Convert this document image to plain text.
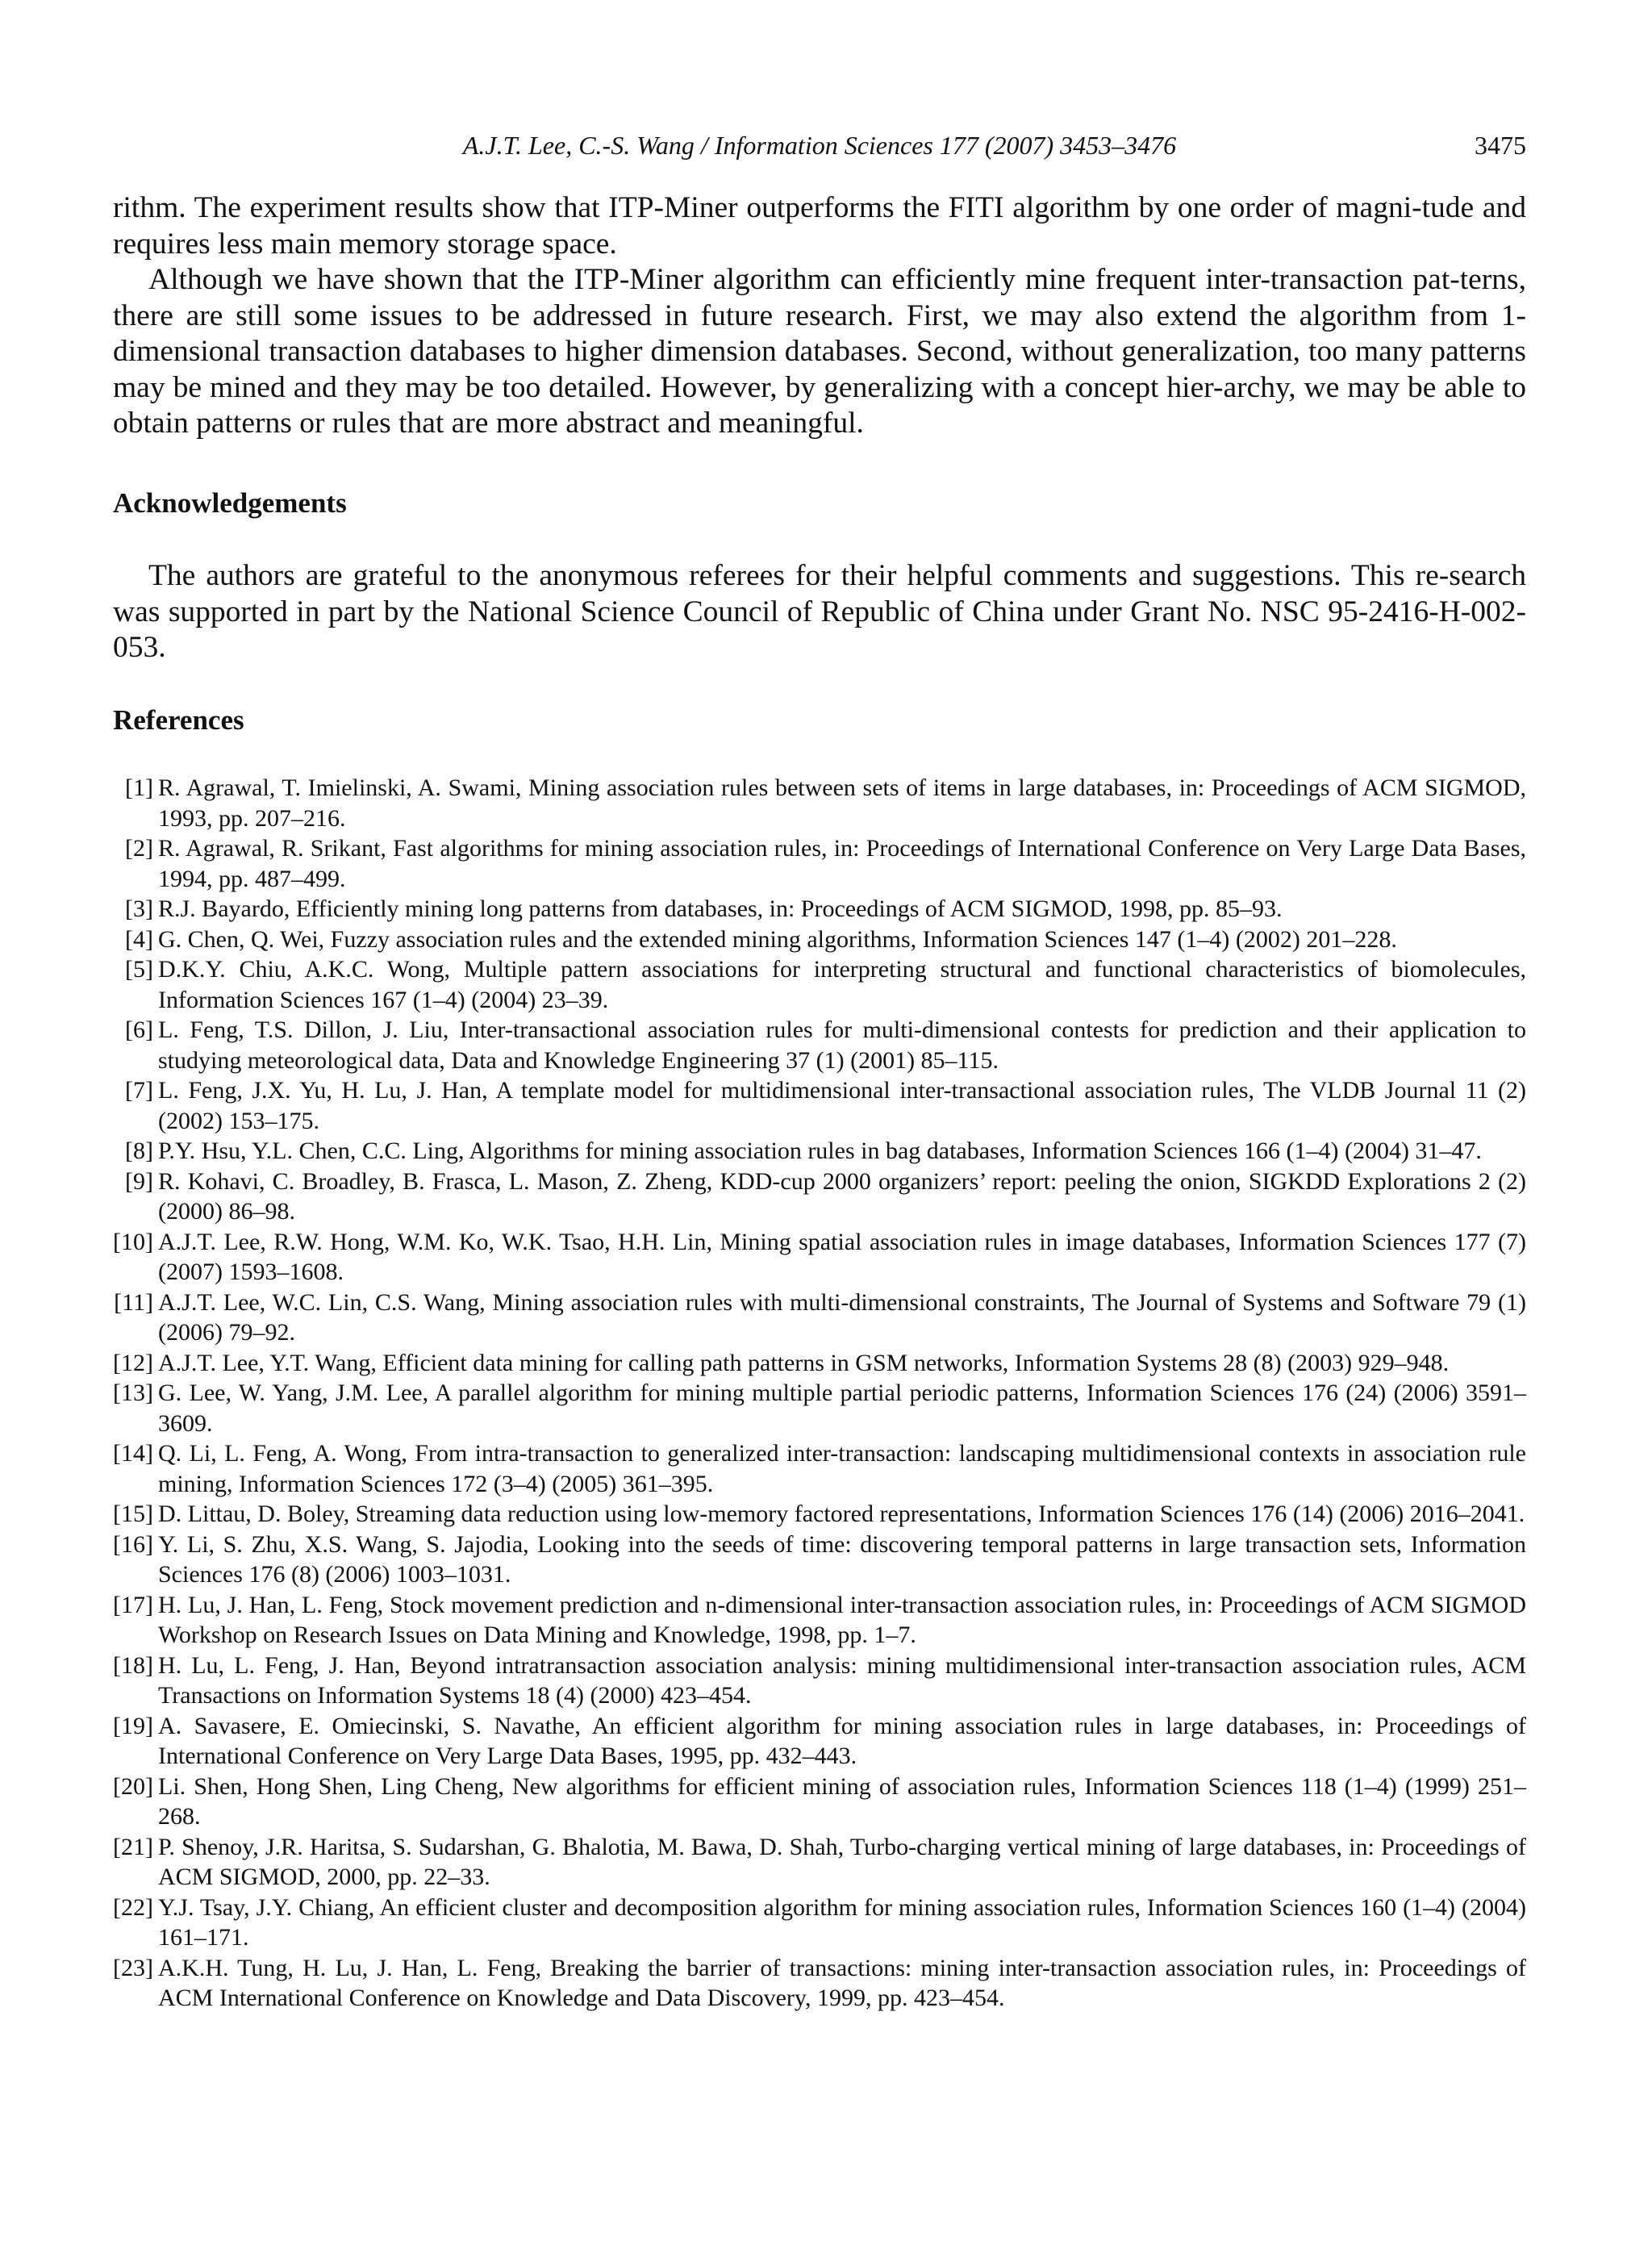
A.J.T. Lee, C.-S. Wang / Information Sciences 177 (2007) 3453–3476	3475

rithm. The experiment results show that ITP-Miner outperforms the FITI algorithm by one order of magni-tude and requires less main memory storage space.

Although we have shown that the ITP-Miner algorithm can efficiently mine frequent inter-transaction pat-terns, there are still some issues to be addressed in future research. First, we may also extend the algorithm from 1-dimensional transaction databases to higher dimension databases. Second, without generalization, too many patterns may be mined and they may be too detailed. However, by generalizing with a concept hier-archy, we may be able to obtain patterns or rules that are more abstract and meaningful.

Acknowledgements

The authors are grateful to the anonymous referees for their helpful comments and suggestions. This re-search was supported in part by the National Science Council of Republic of China under Grant No. NSC 95-2416-H-002-053.

References
[1] R. Agrawal, T. Imielinski, A. Swami, Mining association rules between sets of items in large databases, in: Proceedings of ACM SIGMOD, 1993, pp. 207–216.
[2] R. Agrawal, R. Srikant, Fast algorithms for mining association rules, in: Proceedings of International Conference on Very Large Data Bases, 1994, pp. 487–499.
[3] R.J. Bayardo, Efficiently mining long patterns from databases, in: Proceedings of ACM SIGMOD, 1998, pp. 85–93.
[4] G. Chen, Q. Wei, Fuzzy association rules and the extended mining algorithms, Information Sciences 147 (1–4) (2002) 201–228.
[5] D.K.Y. Chiu, A.K.C. Wong, Multiple pattern associations for interpreting structural and functional characteristics of biomolecules, Information Sciences 167 (1–4) (2004) 23–39.
[6] L. Feng, T.S. Dillon, J. Liu, Inter-transactional association rules for multi-dimensional contests for prediction and their application to studying meteorological data, Data and Knowledge Engineering 37 (1) (2001) 85–115.
[7] L. Feng, J.X. Yu, H. Lu, J. Han, A template model for multidimensional inter-transactional association rules, The VLDB Journal 11 (2) (2002) 153–175.
[8] P.Y. Hsu, Y.L. Chen, C.C. Ling, Algorithms for mining association rules in bag databases, Information Sciences 166 (1–4) (2004) 31–47.
[9] R. Kohavi, C. Broadley, B. Frasca, L. Mason, Z. Zheng, KDD-cup 2000 organizers’ report: peeling the onion, SIGKDD Explorations 2 (2) (2000) 86–98.
[10] A.J.T. Lee, R.W. Hong, W.M. Ko, W.K. Tsao, H.H. Lin, Mining spatial association rules in image databases, Information Sciences 177 (7) (2007) 1593–1608.
[11] A.J.T. Lee, W.C. Lin, C.S. Wang, Mining association rules with multi-dimensional constraints, The Journal of Systems and Software 79 (1) (2006) 79–92.
[12] A.J.T. Lee, Y.T. Wang, Efficient data mining for calling path patterns in GSM networks, Information Systems 28 (8) (2003) 929–948.
[13] G. Lee, W. Yang, J.M. Lee, A parallel algorithm for mining multiple partial periodic patterns, Information Sciences 176 (24) (2006) 3591–3609.
[14] Q. Li, L. Feng, A. Wong, From intra-transaction to generalized inter-transaction: landscaping multidimensional contexts in association rule mining, Information Sciences 172 (3–4) (2005) 361–395.
[15] D. Littau, D. Boley, Streaming data reduction using low-memory factored representations, Information Sciences 176 (14) (2006) 2016–2041.
[16] Y. Li, S. Zhu, X.S. Wang, S. Jajodia, Looking into the seeds of time: discovering temporal patterns in large transaction sets, Information Sciences 176 (8) (2006) 1003–1031.
[17] H. Lu, J. Han, L. Feng, Stock movement prediction and n-dimensional inter-transaction association rules, in: Proceedings of ACM SIGMOD Workshop on Research Issues on Data Mining and Knowledge, 1998, pp. 1–7.
[18] H. Lu, L. Feng, J. Han, Beyond intratransaction association analysis: mining multidimensional inter-transaction association rules, ACM Transactions on Information Systems 18 (4) (2000) 423–454.
[19] A. Savasere, E. Omiecinski, S. Navathe, An efficient algorithm for mining association rules in large databases, in: Proceedings of International Conference on Very Large Data Bases, 1995, pp. 432–443.
[20] Li. Shen, Hong Shen, Ling Cheng, New algorithms for efficient mining of association rules, Information Sciences 118 (1–4) (1999) 251–268.
[21] P. Shenoy, J.R. Haritsa, S. Sudarshan, G. Bhalotia, M. Bawa, D. Shah, Turbo-charging vertical mining of large databases, in: Proceedings of ACM SIGMOD, 2000, pp. 22–33.
[22] Y.J. Tsay, J.Y. Chiang, An efficient cluster and decomposition algorithm for mining association rules, Information Sciences 160 (1–4) (2004) 161–171.
[23] A.K.H. Tung, H. Lu, J. Han, L. Feng, Breaking the barrier of transactions: mining inter-transaction association rules, in: Proceedings of ACM International Conference on Knowledge and Data Discovery, 1999, pp. 423–454.
